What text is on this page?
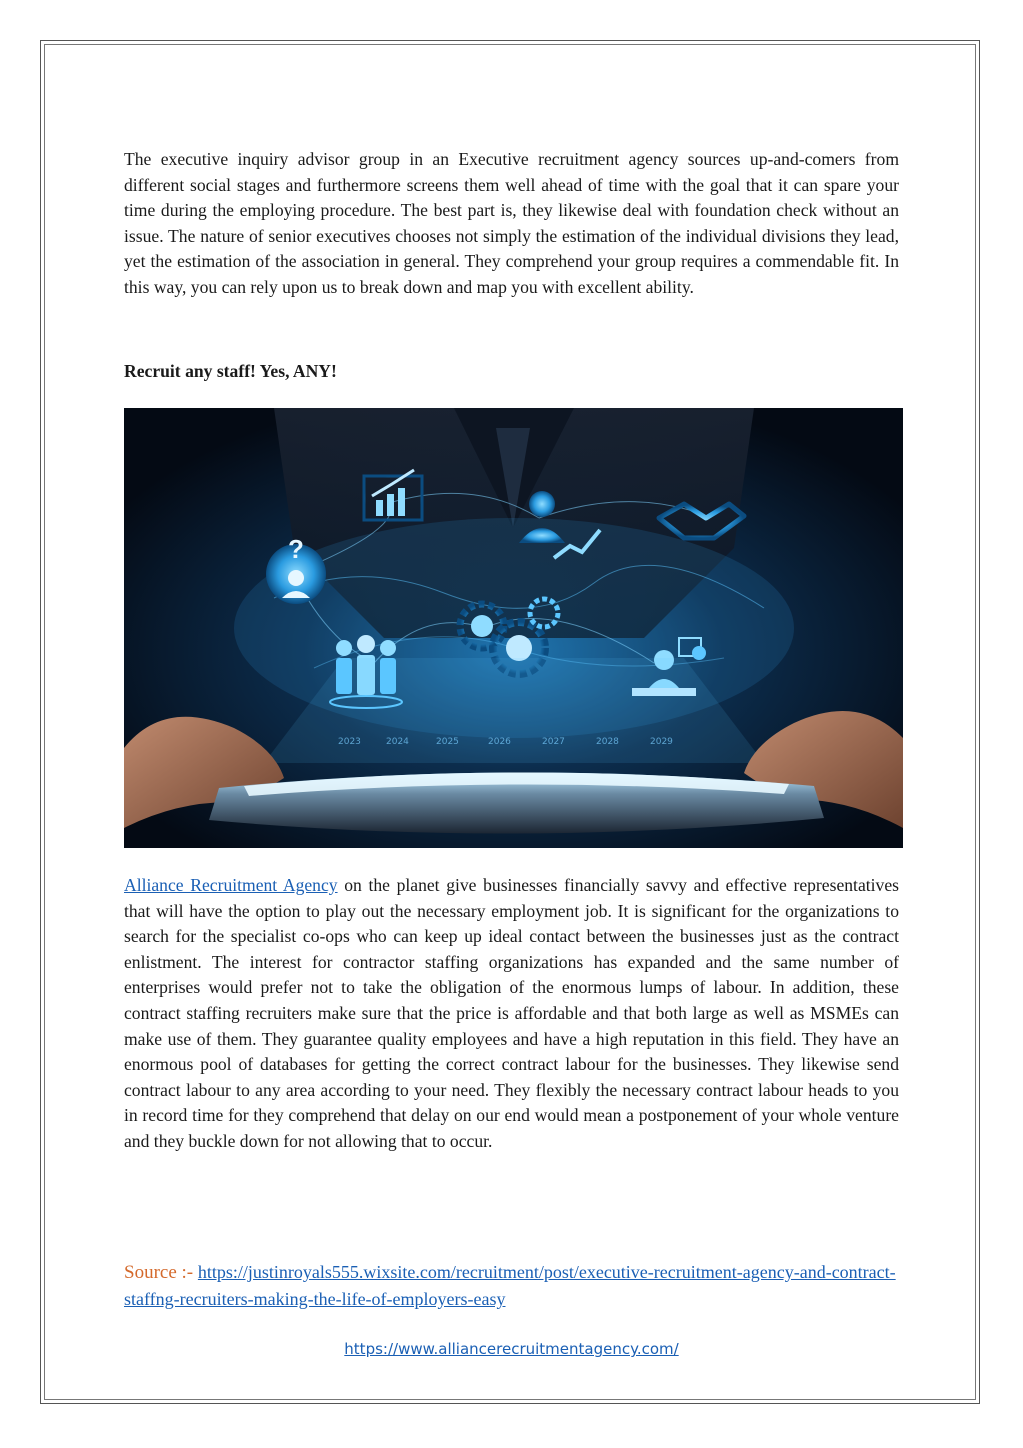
The executive inquiry advisor group in an Executive recruitment agency sources up-and-comers from different social stages and furthermore screens them well ahead of time with the goal that it can spare your time during the employing procedure. The best part is, they likewise deal with foundation check without an issue. The nature of senior executives chooses not simply the estimation of the individual divisions they lead, yet the estimation of the association in general. They comprehend your group requires a commendable fit. In this way, you can rely upon us to break down and map you with excellent ability.

Recruit any staff! Yes, ANY!

?
2023	2024	2025	2026	2027	2028	2029

Alliance Recruitment Agency on the planet give businesses financially savvy and effective representatives that will have the option to play out the necessary employment job. It is significant for the organizations to search for the specialist co-ops who can keep up ideal contact between the businesses just as the contract enlistment. The interest for contractor staffing organizations has expanded and the same number of enterprises would prefer not to take the obligation of the enormous lumps of labour. In addition, these contract staffing recruiters make sure that the price is affordable and that both large as well as MSMEs can make use of them. They guarantee quality employees and have a high reputation in this field. They have an enormous pool of databases for getting the correct contract labour for the businesses. They likewise send contract labour to any area according to your need. They flexibly the necessary contract labour heads to you in record time for they comprehend that delay on our end would mean a postponement of your whole venture and they buckle down for not allowing that to occur.

Source :- https://justinroyals555.wixsite.com/recruitment/post/executive-recruitment-agency-and-contract-staffng-recruiters-making-the-life-of-employers-easy

https://www.alliancerecruitmentagency.com/
